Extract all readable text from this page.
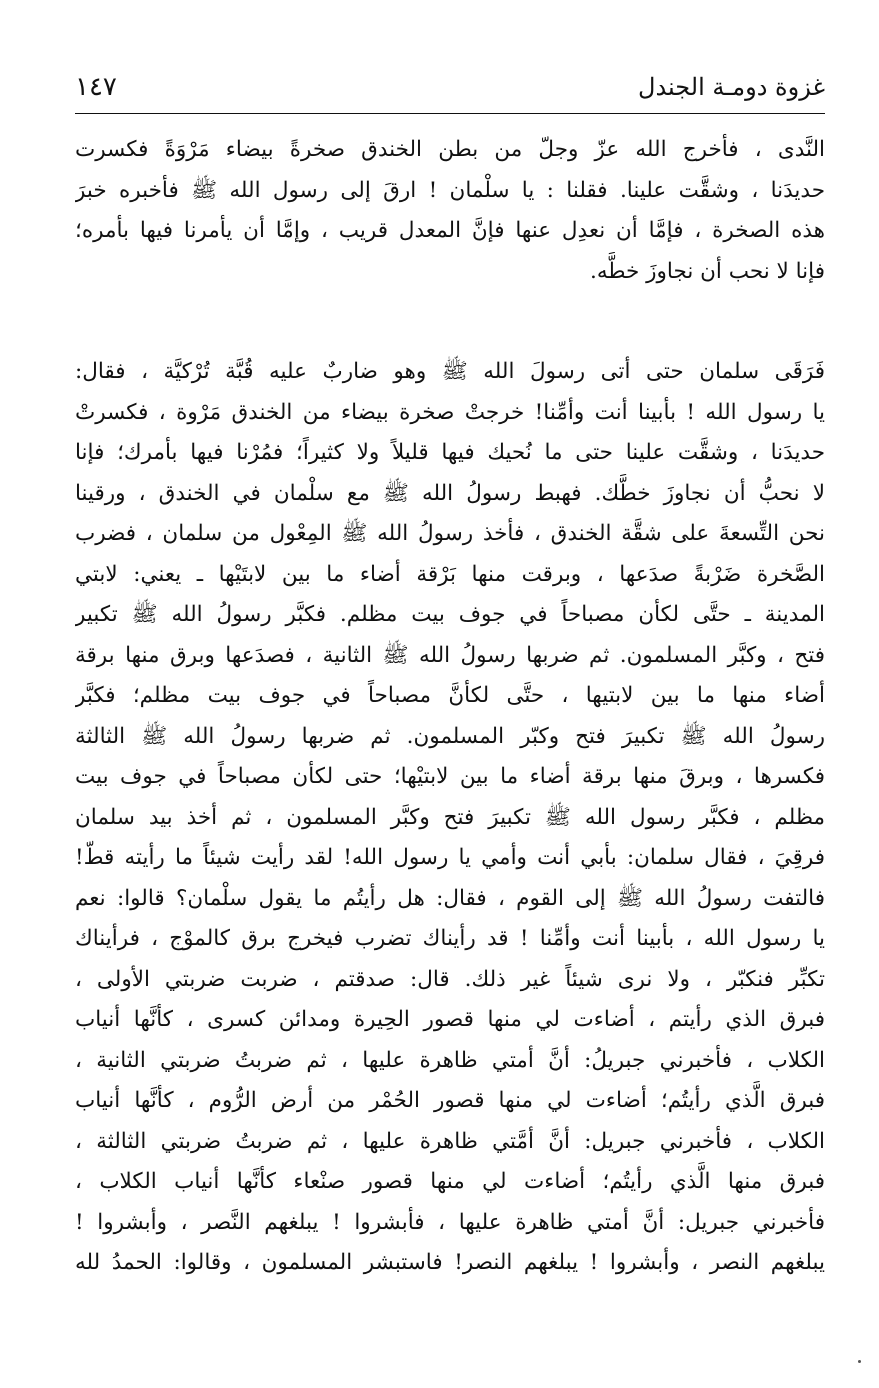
غزوة دومـة الجندل
١٤٧
النَّدى ، فأخرج الله عزّ وجلّ من بطن الخندق صخرةً بيضاء مَرْوَةً فكسرت
حديدَنا ، وشقَّت علينا. فقلنا : يا سلْمان ! ارقَ إلى رسول الله ﷺ فأخبره خبرَ
هذه الصخرة ، فإمَّا أن نعدِل عنها فإنَّ المعدل قريب ، وإمَّا أن يأمرنا فيها بأمره؛
فإنا لا نحب أن نجاوزَ خطَّه.
فَرَقَى سلمان حتى أتى رسولَ الله ﷺ وهو ضاربٌ عليه قُبَّة تُرْكيَّة ، فقال:
يا رسول الله ! بأبينا أنت وأمِّنا! خرجتْ صخرة بيضاء من الخندق مَرْوة ، فكسرتْ
حديدَنا ، وشقَّت علينا حتى ما نُحيك فيها قليلاً ولا كثيراً؛ فمُرْنا فيها بأمرك؛ فإنا
لا نحبُّ أن نجاوزَ خطَّك. فهبط رسولُ الله ﷺ مع سلْمان في الخندق ، ورقينا
نحن التِّسعةَ على شقَّة الخندق ، فأخذ رسولُ الله ﷺ المِعْول من سلمان ، فضرب
الصَّخرة ضَرْبةً صدَعها ، وبرقت منها بَرْقة أضاء ما بين لابتَيْها ـ يعني: لابتي
المدينة ـ حتَّى لكأن مصباحاً في جوف بيت مظلم. فكبَّر رسولُ الله ﷺ تكبير
فتح ، وكبَّر المسلمون. ثم ضربها رسولُ الله ﷺ الثانية ، فصدَعها وبرق منها برقة
أضاء منها ما بين لابتيها ، حتَّى لكأنَّ مصباحاً في جوف بيت مظلم؛ فكبَّر
رسولُ الله ﷺ تكبيرَ فتح وكبّر المسلمون. ثم ضربها رسولُ الله ﷺ الثالثة
فكسرها ، وبرقَ منها برقة أضاء ما بين لابتيْها؛ حتى لكأن مصباحاً في جوف بيت
مظلم ، فكبَّر رسول الله ﷺ تكبيرَ فتح وكبَّر المسلمون ، ثم أخذ بيد سلمان
فرقِيَ ، فقال سلمان: بأبي أنت وأمي يا رسول الله! لقد رأيت شيئاً ما رأيته قطّ!
فالتفت رسولُ الله ﷺ إلى القوم ، فقال: هل رأيتُم ما يقول سلْمان؟ قالوا: نعم
يا رسول الله ، بأبينا أنت وأمِّنا ! قد رأيناك تضرب فيخرج برق كالموْج ، فرأيناك
تكبِّر فنكبّر ، ولا نرى شيئاً غير ذلك. قال: صدقتم ، ضربت ضربتي الأولى ،
فبرق الذي رأيتم ، أضاءت لي منها قصور الحِيرة ومدائن كسرى ، كأنَّها أنياب
الكلاب ، فأخبرني جبريلُ: أنَّ أمتي ظاهرة عليها ، ثم ضربتُ ضربتي الثانية ،
فبرق الَّذي رأيتُم؛ أضاءت لي منها قصور الحُمْر من أرض الرُّوم ، كأنَّها أنياب
الكلاب ، فأخبرني جبريل: أنَّ أمَّتي ظاهرة عليها ، ثم ضربتُ ضربتي الثالثة ،
فبرق منها الَّذي رأيتُم؛ أضاءت لي منها قصور صنْعاء كأنَّها أنياب الكلاب ،
فأخبرني جبريل: أنَّ أمتي ظاهرة عليها ، فأبشروا ! يبلغهم النَّصر ، وأبشروا !
يبلغهم النصر ، وأبشروا ! يبلغهم النصر! فاستبشر المسلمون ، وقالوا: الحمدُ لله
